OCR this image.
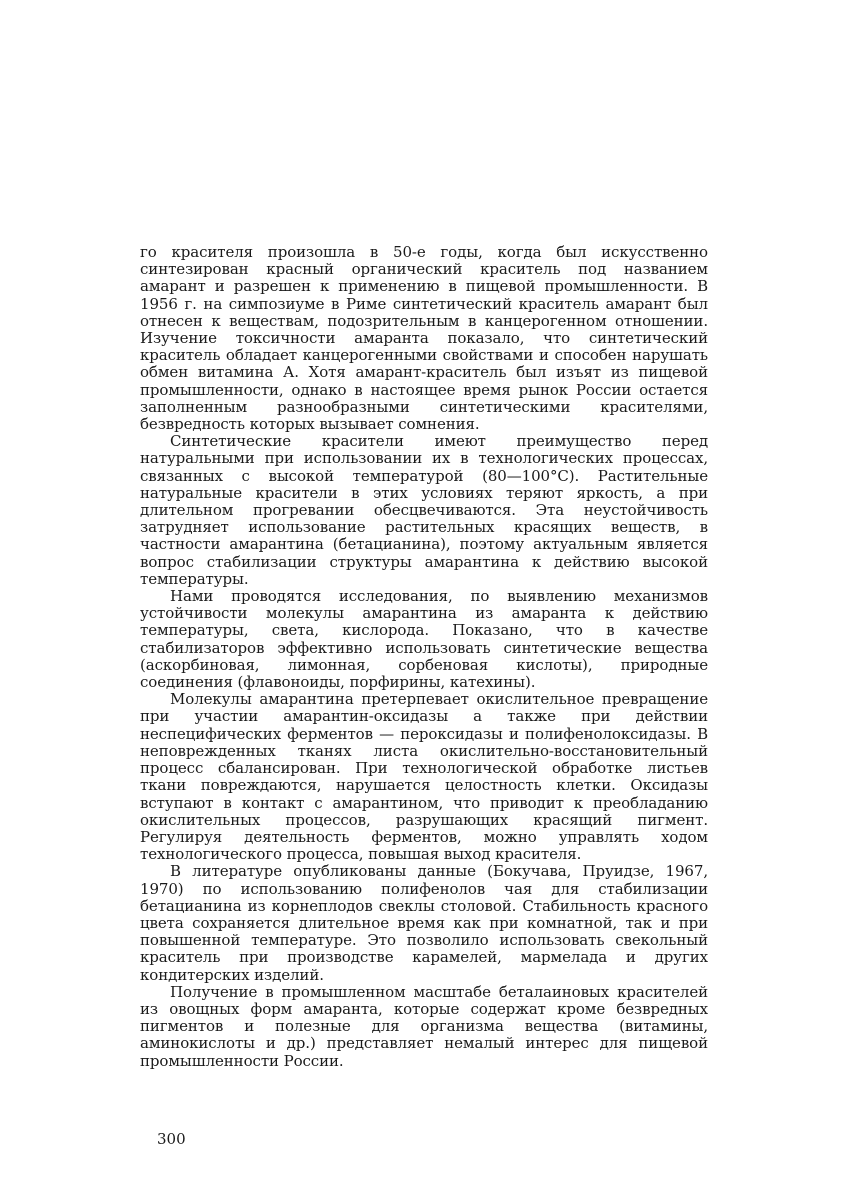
го красителя произошла в 50-е годы, когда был искусственно синтезирован красный органический краситель под названием амарант и разрешен к применению в пищевой промышленности. В 1956 г. на симпозиуме в Риме синтетический краситель амарант был отнесен к веществам, подозрительным в канцерогенном отношении. Изучение токсичности амаранта показало, что синтетический краситель обладает канцерогенными свойствами и способен нарушать обмен витамина А. Хотя амарант-краситель был изъят из пищевой промышленности, однако в настоящее время рынок России остается заполненным разнообразными синтетическими красителями, безвредность которых вызывает сомнения.

Синтетические красители имеют преимущество перед натуральными при использовании их в технологических процессах, связанных с высокой температурой (80—100°С). Растительные натуральные красители в этих условиях теряют яркость, а при длительном прогревании обесцвечиваются. Эта неустойчивость затрудняет использование растительных красящих веществ, в частности амарантина (бетацианина), поэтому актуальным является вопрос стабилизации структуры амарантина к действию высокой температуры.

Нами проводятся исследования, по выявлению механизмов устойчивости молекулы амарантина из амаранта к действию температуры, света, кислорода. Показано, что в качестве стабилизаторов эффективно использовать синтетические вещества (аскорбиновая, лимонная, сорбеновая кислоты), природные соединения (флавоноиды, порфирины, катехины).

Молекулы амарантина претерпевает окислительное превращение при участии амарантин-оксидазы а также при действии неспецифических ферментов — пероксидазы и полифенолоксидазы. В неповрежденных тканях листа окислительно-восстановительный процесс сбалансирован. При технологической обработке листьев ткани повреждаются, нарушается целостность клетки. Оксидазы вступают в контакт с амарантином, что приводит к преобладанию окислительных процессов, разрушающих красящий пигмент. Регулируя деятельность ферментов, можно управлять ходом технологического процесса, повышая выход красителя.

В литературе опубликованы данные (Бокучава, Пруидзе, 1967, 1970) по использованию полифенолов чая для стабилизации бетацианина из корнеплодов свеклы столовой. Стабильность красного цвета сохраняется длительное время как при комнатной, так и при повышенной температуре. Это позволило использовать свекольный краситель при производстве карамелей, мармелада и других кондитерских изделий.

Получение в промышленном масштабе беталаиновых красителей из овощных форм амаранта, которые содержат кроме безвредных пигментов и полезные для организма вещества (витамины, аминокислоты и др.) представляет немалый интерес для пищевой промышленности России.

300
